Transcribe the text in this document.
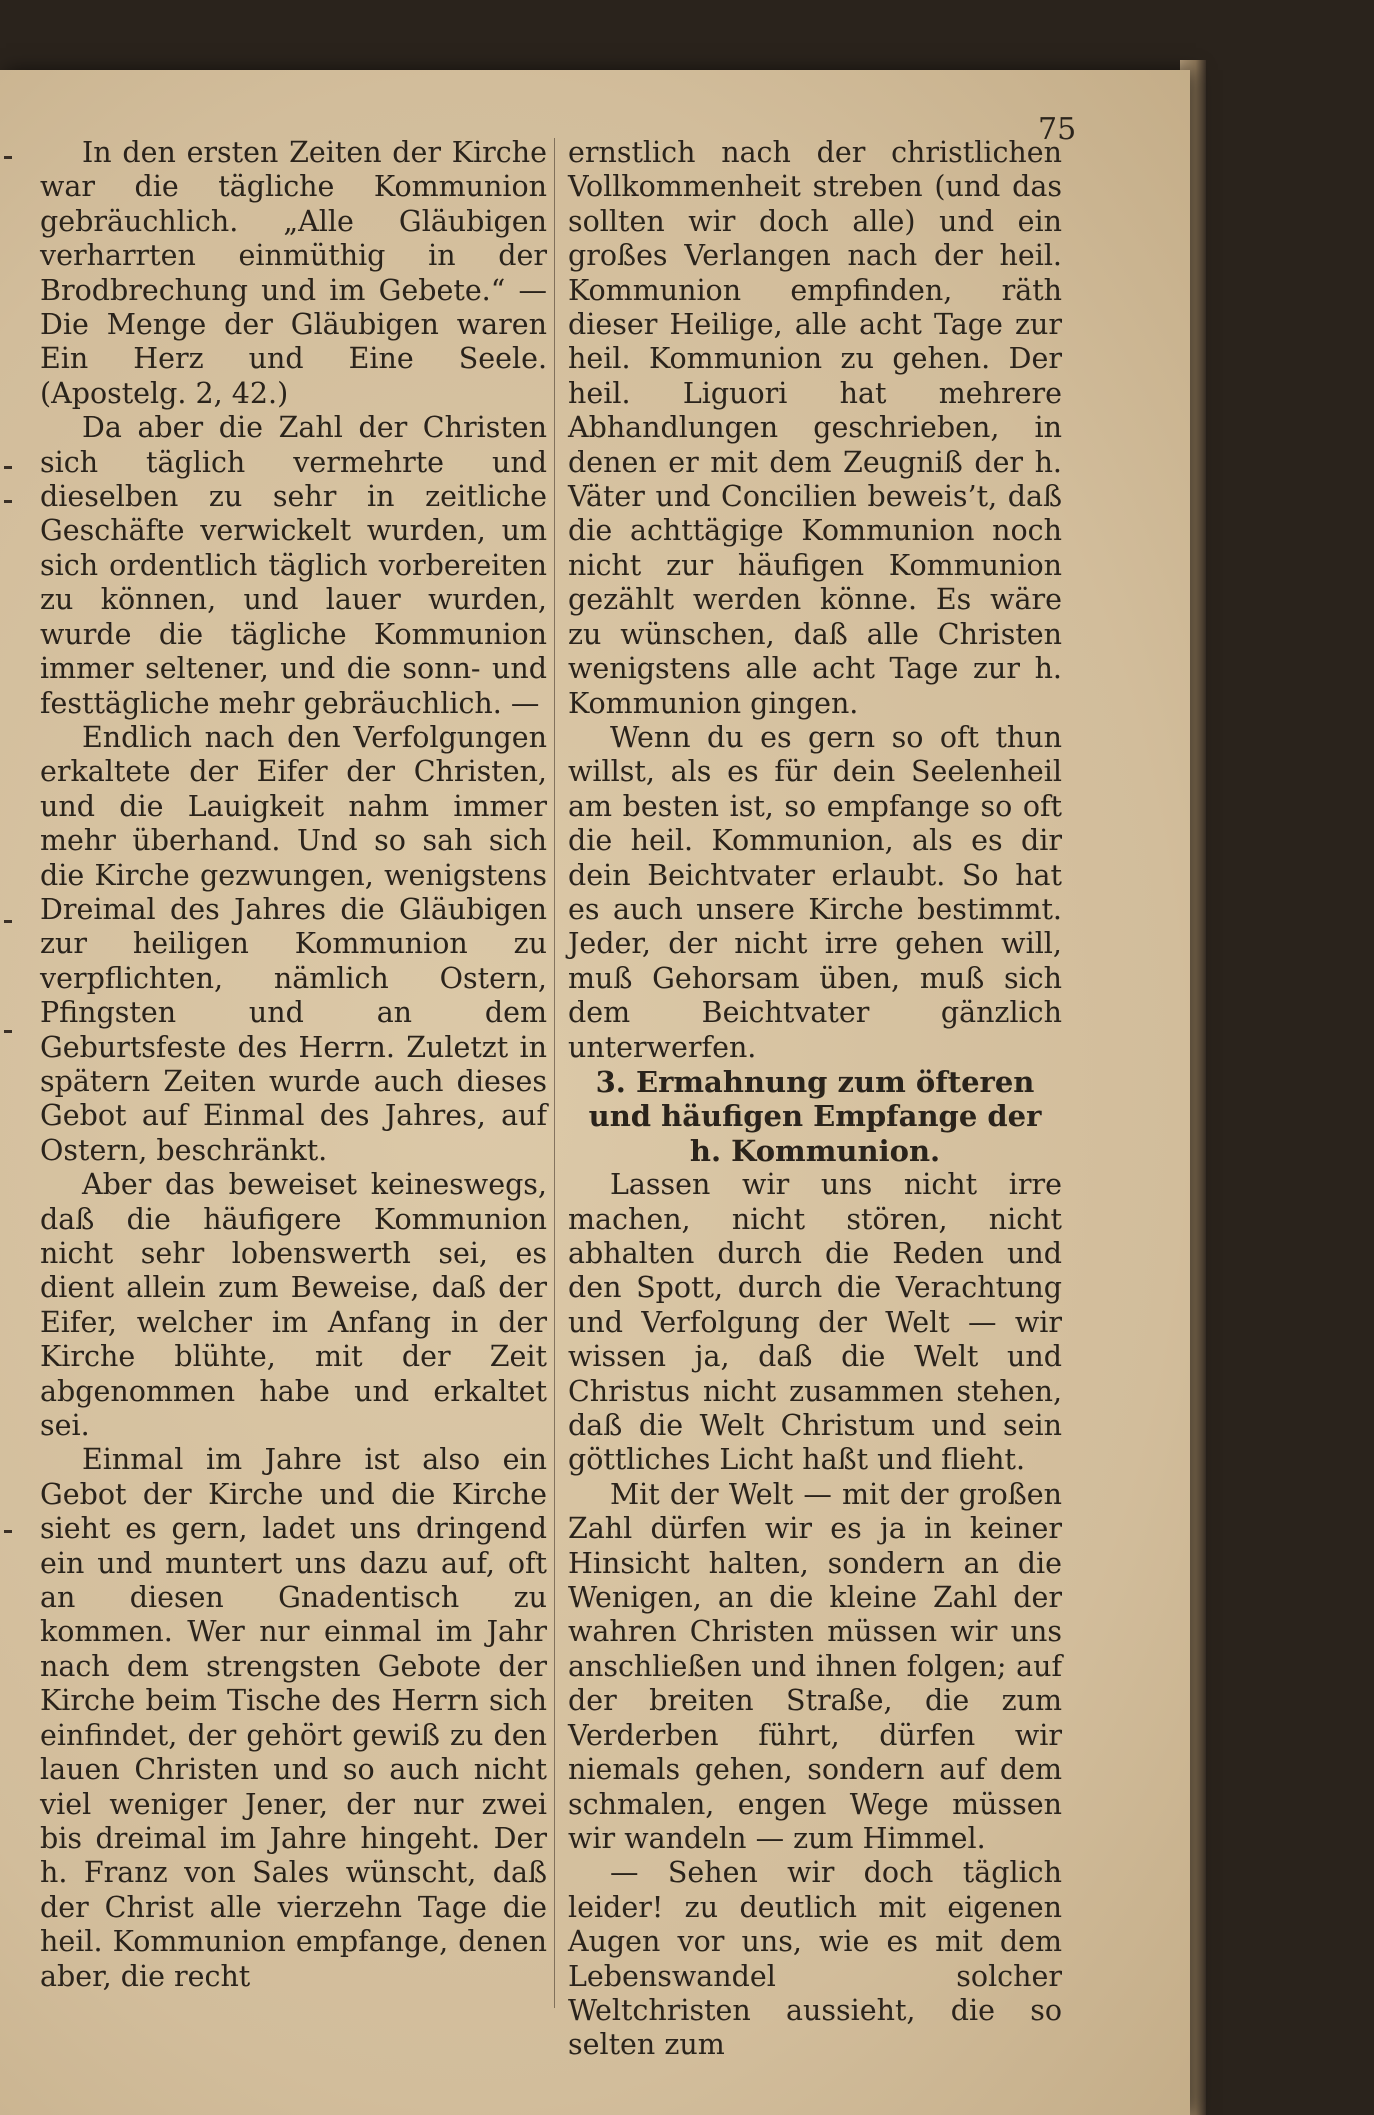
75

In den ersten Zeiten der Kirche war die tägliche Kommunion gebräuchlich. „Alle Gläubigen verharrten einmüthig in der Brodbrechung und im Gebete.“ — Die Menge der Gläubigen waren Ein Herz und Eine Seele. (Apostelg. 2, 42.)

Da aber die Zahl der Christen sich täglich vermehrte und dieselben zu sehr in zeitliche Geschäfte verwickelt wurden, um sich ordentlich täglich vorbereiten zu können, und lauer wurden, wurde die tägliche Kommunion immer seltener, und die sonn- und festtägliche mehr gebräuchlich. —

Endlich nach den Verfolgungen erkaltete der Eifer der Christen, und die Lauigkeit nahm immer mehr überhand. Und so sah sich die Kirche gezwungen, wenigstens Dreimal des Jahres die Gläubigen zur heiligen Kommunion zu verpflichten, nämlich Ostern, Pfingsten und an dem Geburtsfeste des Herrn. Zuletzt in spätern Zeiten wurde auch dieses Gebot auf Einmal des Jahres, auf Ostern, beschränkt.

Aber das beweiset keineswegs, daß die häufigere Kommunion nicht sehr lobenswerth sei, es dient allein zum Beweise, daß der Eifer, welcher im Anfang in der Kirche blühte, mit der Zeit abgenommen habe und erkaltet sei.

Einmal im Jahre ist also ein Gebot der Kirche und die Kirche sieht es gern, ladet uns dringend ein und muntert uns dazu auf, oft an diesen Gnadentisch zu kommen. Wer nur einmal im Jahr nach dem strengsten Gebote der Kirche beim Tische des Herrn sich einfindet, der gehört gewiß zu den lauen Christen und so auch nicht viel weniger Jener, der nur zwei bis dreimal im Jahre hingeht. Der h. Franz von Sales wünscht, daß der Christ alle vierzehn Tage die heil. Kommunion empfange, denen aber, die recht

ernstlich nach der christlichen Vollkommenheit streben (und das sollten wir doch alle) und ein großes Verlangen nach der heil. Kommunion empfinden, räth dieser Heilige, alle acht Tage zur heil. Kommunion zu gehen. Der heil. Liguori hat mehrere Abhandlungen geschrieben, in denen er mit dem Zeugniß der h. Väter und Concilien beweis’t, daß die achttägige Kommunion noch nicht zur häufigen Kommunion gezählt werden könne. Es wäre zu wünschen, daß alle Christen wenigstens alle acht Tage zur h. Kommunion gingen.

Wenn du es gern so oft thun willst, als es für dein Seelenheil am besten ist, so empfange so oft die heil. Kommunion, als es dir dein Beichtvater erlaubt. So hat es auch unsere Kirche bestimmt. Jeder, der nicht irre gehen will, muß Gehorsam üben, muß sich dem Beichtvater gänzlich unterwerfen.

3. Ermahnung zum öfteren und häufigen Empfange der h. Kommunion.

Lassen wir uns nicht irre machen, nicht stören, nicht abhalten durch die Reden und den Spott, durch die Verachtung und Verfolgung der Welt — wir wissen ja, daß die Welt und Christus nicht zusammen stehen, daß die Welt Christum und sein göttliches Licht haßt und flieht.

Mit der Welt — mit der großen Zahl dürfen wir es ja in keiner Hinsicht halten, sondern an die Wenigen, an die kleine Zahl der wahren Christen müssen wir uns anschließen und ihnen folgen; auf der breiten Straße, die zum Verderben führt, dürfen wir niemals gehen, sondern auf dem schmalen, engen Wege müssen wir wandeln — zum Himmel.

— Sehen wir doch täglich leider! zu deutlich mit eigenen Augen vor uns, wie es mit dem Lebenswandel solcher Weltchristen aussieht, die so selten zum
